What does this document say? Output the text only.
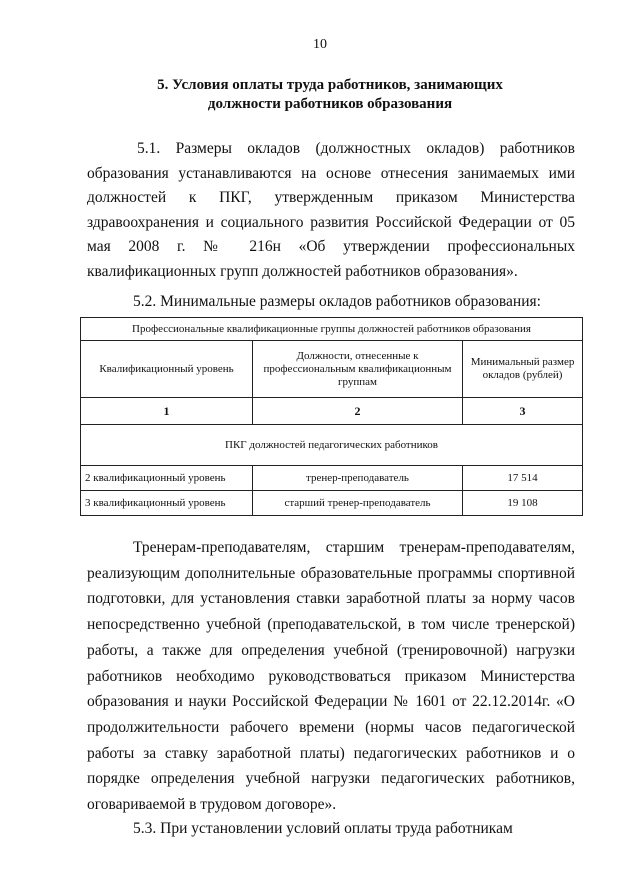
10
5. Условия оплаты труда работников, занимающих
должности работников образования
5.1. Размеры окладов (должностных окладов) работников образования устанавливаются на основе отнесения занимаемых ими должностей к ПКГ, утвержденным приказом Министерства здравоохранения и социального развития Российской Федерации от 05 мая 2008 г. № 216н «Об утверждении профессиональных квалификационных групп должностей работников образования».
5.2. Минимальные размеры окладов работников образования:
Профессиональные квалификационные группы должностей работников образования		
Квалификационный уровень	Должности, отнесенные к профессиональным квалификационным группам	Минимальный размер окладов (рублей)
1	2	3
ПКГ должностей педагогических работников		
2 квалификационный уровень	тренер-преподаватель	17 514
3 квалификационный уровень	старший тренер-преподаватель	19 108
Тренерам-преподавателям, старшим тренерам-преподавателям, реализующим дополнительные образовательные программы спортивной подготовки, для установления ставки заработной платы за норму часов непосредственно учебной (преподавательской, в том числе тренерской) работы, а также для определения учебной (тренировочной) нагрузки работников необходимо руководствоваться приказом Министерства образования и науки Российской Федерации № 1601 от 22.12.2014г. «О продолжительности рабочего времени (нормы часов педагогической работы за ставку заработной платы) педагогических работников и о порядке определения учебной нагрузки педагогических работников, оговариваемой в трудовом договоре».
5.3. При установлении условий оплаты труда работникам
